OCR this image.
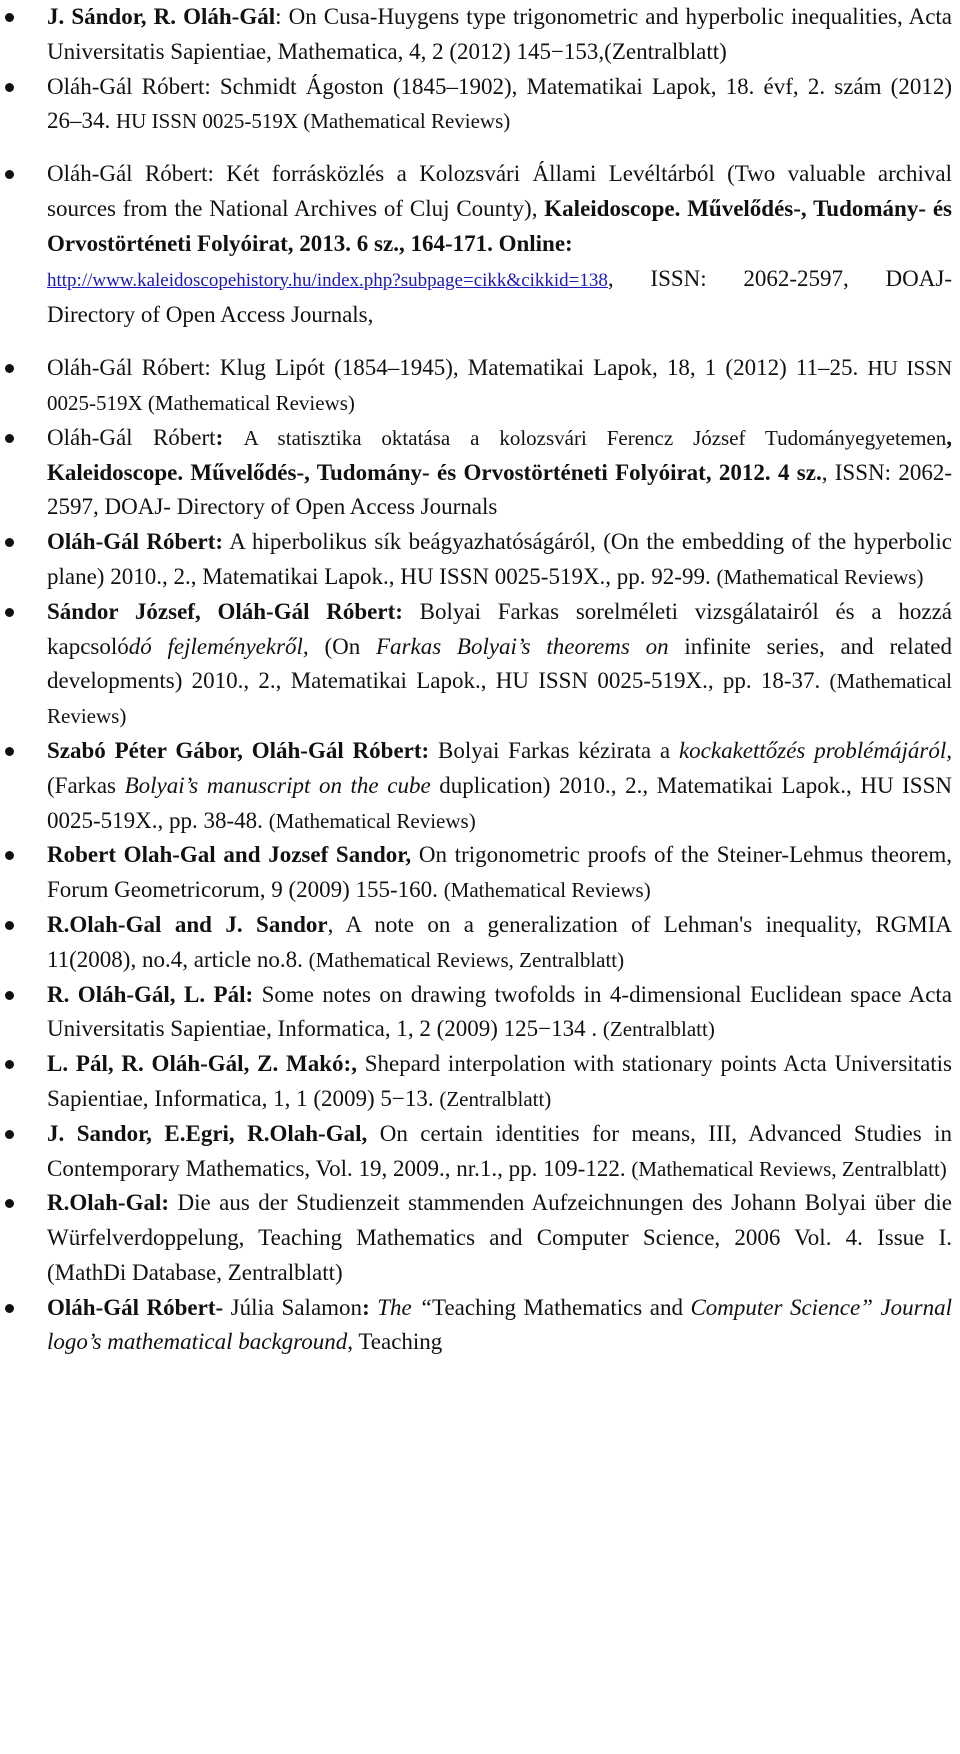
J. Sándor, R. Oláh-Gál: On Cusa-Huygens type trigonometric and hyperbolic inequalities, Acta Universitatis Sapientiae, Mathematica, 4, 2 (2012) 145−153,(Zentralblatt)
Oláh-Gál Róbert: Schmidt Ágoston (1845–1902), Matematikai Lapok, 18. évf, 2. szám (2012) 26–34. HU ISSN 0025-519X (Mathematical Reviews)
Oláh-Gál Róbert: Két forrásközlés a Kolozsvári Állami Levéltárból (Two valuable archival sources from the National Archives of Cluj County), Kaleidoscope. Művelődés-, Tudomány- és Orvostörténeti Folyóirat, 2013. 6 sz., 164-171. Online:
http://www.kaleidoscopehistory.hu/index.php?subpage=cikk&cikkid=138, ISSN: 2062-2597, DOAJ- Directory of Open Access Journals,
Oláh-Gál Róbert: Klug Lipót (1854–1945), Matematikai Lapok, 18, 1 (2012) 11–25. HU ISSN 0025-519X (Mathematical Reviews)
Oláh-Gál Róbert: A statisztika oktatása a kolozsvári Ferencz József Tudományegyetemen, Kaleidoscope. Művelődés-, Tudomány- és Orvostörténeti Folyóirat, 2012. 4 sz., ISSN: 2062-2597, DOAJ- Directory of Open Access Journals
Oláh-Gál Róbert: A hiperbolikus sík beágyazhatóságáról, (On the embedding of the hyperbolic plane) 2010., 2., Matematikai Lapok., HU ISSN 0025-519X., pp. 92-99. (Mathematical Reviews)
Sándor József, Oláh-Gál Róbert: Bolyai Farkas sorelméleti vizsgálatairól és a hozzá kapcsolódó fejleményekről, (On Farkas Bolyai’s theorems on infinite series, and related developments) 2010., 2., Matematikai Lapok., HU ISSN 0025-519X., pp. 18-37. (Mathematical Reviews)
Szabó Péter Gábor, Oláh-Gál Róbert: Bolyai Farkas kézirata a kockakettőzés problémájáról, (Farkas Bolyai’s manuscript on the cube duplication) 2010., 2., Matematikai Lapok., HU ISSN 0025-519X., pp. 38-48. (Mathematical Reviews)
Robert Olah-Gal and Jozsef Sandor, On trigonometric proofs of the Steiner-Lehmus theorem, Forum Geometricorum, 9 (2009) 155-160. (Mathematical Reviews)
R.Olah-Gal and J. Sandor, A note on a generalization of Lehman's inequality, RGMIA 11(2008), no.4, article no.8. (Mathematical Reviews, Zentralblatt)
R. Oláh-Gál, L. Pál: Some notes on drawing twofolds in 4-dimensional Euclidean space Acta Universitatis Sapientiae, Informatica, 1, 2 (2009) 125−134 . (Zentralblatt)
L. Pál, R. Oláh-Gál, Z. Makó:, Shepard interpolation with stationary points Acta Universitatis Sapientiae, Informatica, 1, 1 (2009) 5−13. (Zentralblatt)
J. Sandor, E.Egri, R.Olah-Gal, On certain identities for means, III, Advanced Studies in Contemporary Mathematics, Vol. 19, 2009., nr.1., pp. 109-122. (Mathematical Reviews, Zentralblatt)
R.Olah-Gal: Die aus der Studienzeit stammenden Aufzeichnungen des Johann Bolyai über die Würfelverdoppelung, Teaching Mathematics and Computer Science, 2006 Vol. 4. Issue I. (MathDi Database, Zentralblatt)
Oláh-Gál Róbert- Júlia Salamon: The “Teaching Mathematics and Computer Science” Journal logo’s mathematical background, Teaching
